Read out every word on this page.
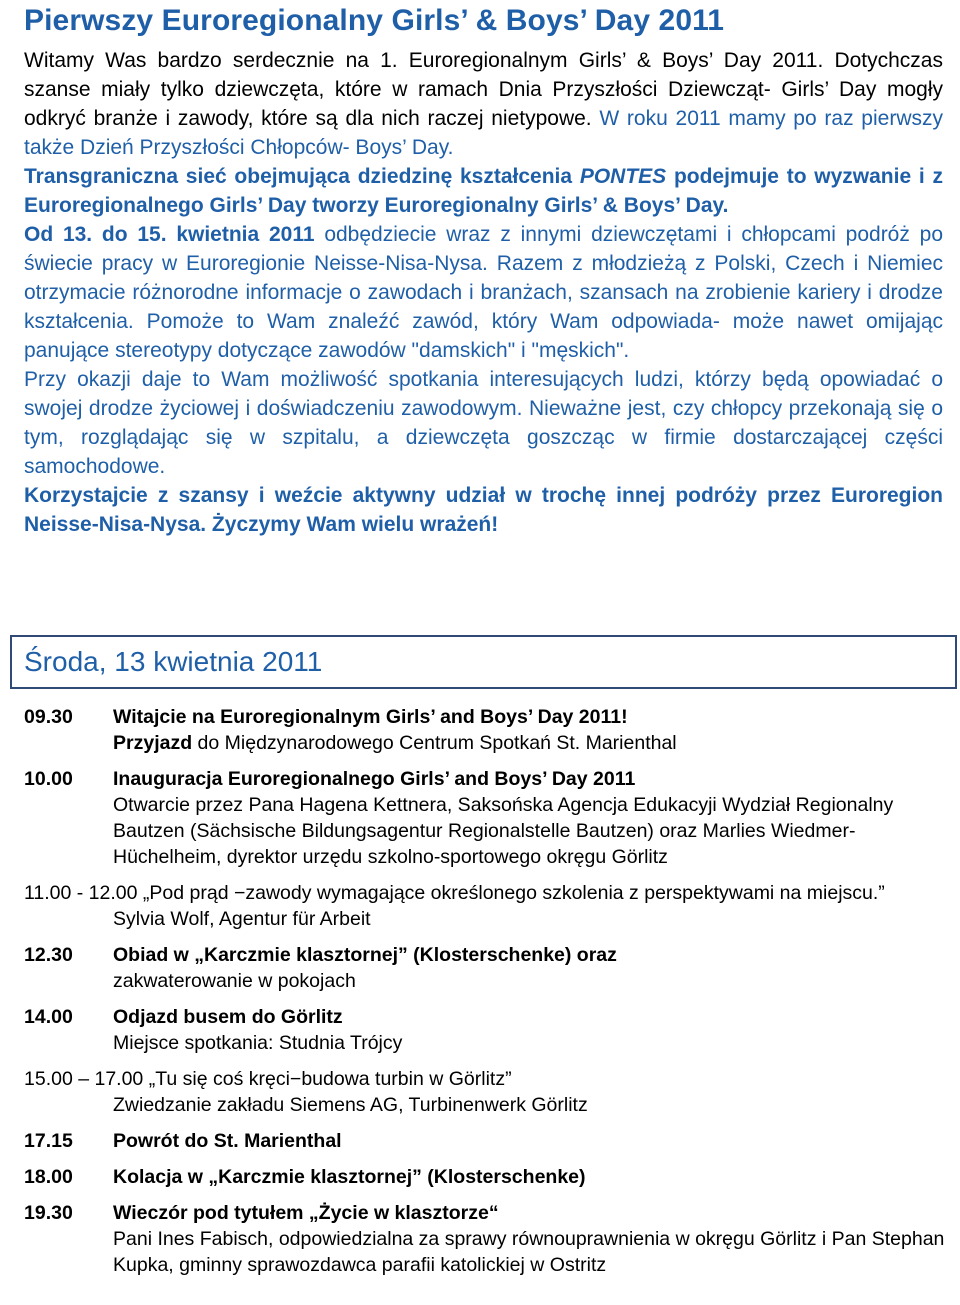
Pierwszy Euroregionalny Girls’ & Boys’ Day 2011

Witamy Was bardzo serdecznie na 1. Euroregionalnym Girls’ & Boys’ Day 2011. Dotychczas szanse miały tylko dziewczęta, które w ramach Dnia Przyszłości Dziewcząt- Girls’ Day mogły odkryć branże i zawody, które są dla nich raczej nietypowe. W roku 2011 mamy po raz pierwszy także Dzień Przyszłości Chłopców- Boys’ Day.

Transgraniczna sieć obejmująca dziedzinę kształcenia PONTES podejmuje to wyzwanie i z Euroregionalnego Girls’ Day tworzy Euroregionalny Girls’ & Boys’ Day.

Od 13. do 15. kwietnia 2011 odbędziecie wraz z innymi dziewczętami i chłopcami podróż po świecie pracy w Euroregionie Neisse-Nisa-Nysa. Razem z młodzieżą z Polski, Czech i Niemiec otrzymacie różnorodne informacje o zawodach i branżach, szansach na zrobienie kariery i drodze kształcenia. Pomoże to Wam znaleźć zawód, który Wam odpowiada- może nawet omijając panujące stereotypy dotyczące zawodów "damskich" i "męskich".

Przy okazji daje to Wam możliwość spotkania interesujących ludzi, którzy będą opowiadać o swojej drodze życiowej i doświadczeniu zawodowym. Nieważne jest, czy chłopcy przekonają się o tym, rozglądając się w szpitalu, a dziewczęta goszcząc w firmie dostarczającej części samochodowe.

Korzystajcie z szansy i weźcie aktywny udział w trochę innej podróży przez Euroregion Neisse-Nisa-Nysa. Życzymy Wam wielu wrażeń!

Środa, 13 kwietnia 2011
09.30	Witajcie na Euroregionalnym Girls’ and Boys’ Day 2011!
Przyjazd do Międzynarodowego Centrum Spotkań St. Marienthal
10.00	Inauguracja Euroregionalnego Girls’ and Boys’ Day 2011
Otwarcie przez Pana Hagena Kettnera, Saksońska Agencja Edukacyji Wydział Regionalny Bautzen (Sächsische Bildungsagentur Regionalstelle Bautzen) oraz Marlies Wiedmer-Hüchelheim, dyrektor urzędu szkolno-sportowego okręgu Görlitz
11.00 - 12.00 „Pod prąd −zawody wymagające określonego szkolenia z perspektywami na miejscu.”
Sylvia Wolf, Agentur für Arbeit
12.30	Obiad w „Karczmie klasztornej” (Klosterschenke) oraz
zakwaterowanie w pokojach
14.00	Odjazd busem do Görlitz
Miejsce spotkania: Studnia Trójcy
15.00 – 17.00 „Tu się coś kręci−budowa turbin w Görlitz”
Zwiedzanie zakładu Siemens AG, Turbinenwerk Görlitz
17.15	Powrót do St. Marienthal
18.00	Kolacja w „Karczmie klasztornej” (Klosterschenke)
19.30	Wieczór pod tytułem „Życie w klasztorze“
Pani Ines Fabisch, odpowiedzialna za sprawy równouprawnienia w okręgu Görlitz i Pan Stephan Kupka, gminny sprawozdawca parafii katolickiej w Ostritz
